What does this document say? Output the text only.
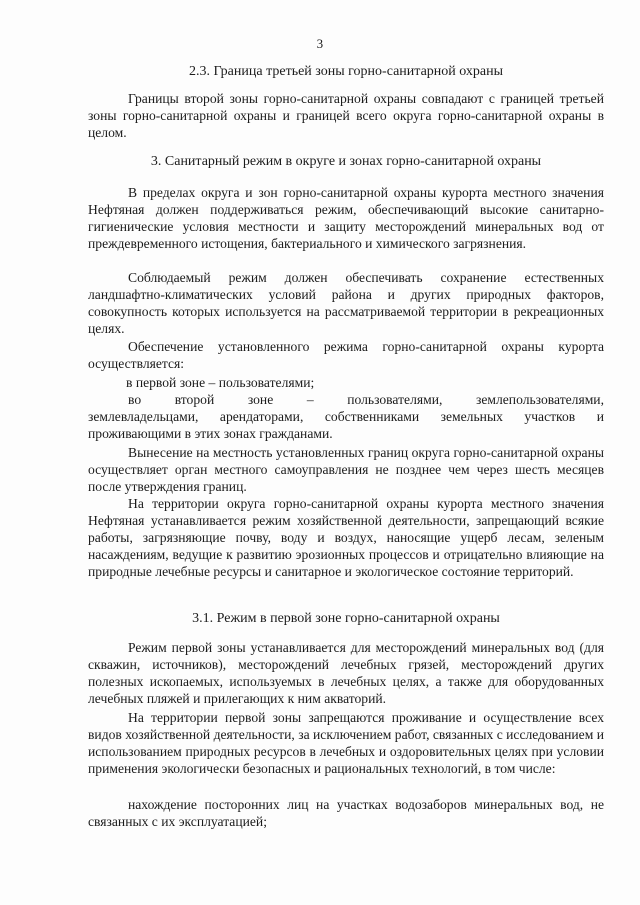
3
2.3. Граница третьей зоны горно-санитарной охраны

Границы второй зоны горно-санитарной охраны совпадают с границей третьей зоны горно-санитарной охраны и границей всего округа горно-санитарной охраны в целом.

3. Санитарный режим в округе и зонах горно-санитарной охраны

В пределах округа и зон горно-санитарной охраны курорта местного значения Нефтяная должен поддерживаться режим, обеспечивающий высокие санитарно-гигиенические условия местности и защиту месторождений минеральных вод от преждевременного истощения, бактериального и химического загрязнения.

Соблюдаемый режим должен обеспечивать сохранение естественных ландшафтно-климатических условий района и других природных факторов, совокупность которых используется на рассматриваемой территории в рекреационных целях.

Обеспечение установленного режима горно-санитарной охраны курорта осуществляется:

в первой зоне – пользователями;

во второй зоне – пользователями, землепользователями,

землевладельцами, арендаторами, собственниками земельных участков и проживающими в этих зонах гражданами.

Вынесение на местность установленных границ округа горно-санитарной охраны осуществляет орган местного самоуправления не позднее чем через шесть месяцев после утверждения границ.

На территории округа горно-санитарной охраны курорта местного значения Нефтяная устанавливается режим хозяйственной деятельности, запрещающий всякие работы, загрязняющие почву, воду и воздух, наносящие ущерб лесам, зеленым насаждениям, ведущие к развитию эрозионных процессов и отрицательно влияющие на природные лечебные ресурсы и санитарное и экологическое состояние территорий.

3.1. Режим в первой зоне горно-санитарной охраны

Режим первой зоны устанавливается для месторождений минеральных вод (для скважин, источников), месторождений лечебных грязей, месторождений других полезных ископаемых, используемых в лечебных целях, а также для оборудованных лечебных пляжей и прилегающих к ним акваторий.

На территории первой зоны запрещаются проживание и осуществление всех видов хозяйственной деятельности, за исключением работ, связанных с исследованием и использованием природных ресурсов в лечебных и оздоровительных целях при условии применения экологически безопасных и рациональных технологий, в том числе:

нахождение посторонних лиц на участках водозаборов минеральных вод, не связанных с их эксплуатацией;
